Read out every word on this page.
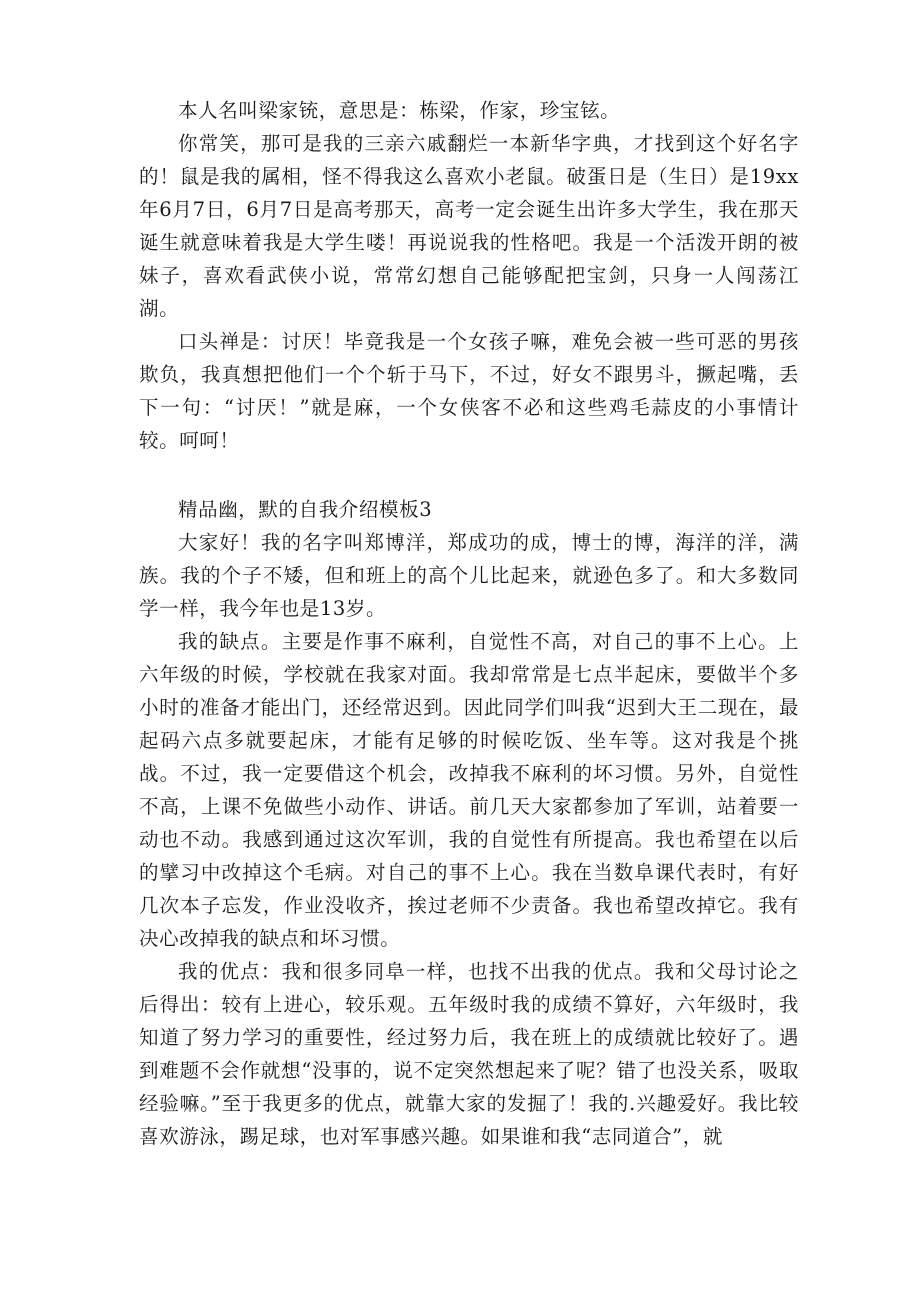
本人名叫梁家铳，意思是：栋梁，作家，珍宝铉。

你常笑，那可是我的三亲六戚翻烂一本新华字典，才找到这个好名字的！鼠是我的属相，怪不得我这么喜欢小老鼠。破蛋日是（生日）是19xx年6月7日，6月7日是高考那天，高考一定会诞生出许多大学生，我在那天诞生就意味着我是大学生喽！再说说我的性格吧。我是一个活泼开朗的被妹子，喜欢看武侠小说，常常幻想自己能够配把宝剑，只身一人闯荡江湖。

口头禅是：讨厌！毕竟我是一个女孩子嘛，难免会被一些可恶的男孩欺负，我真想把他们一个个斩于马下，不过，好女不跟男斗，撅起嘴，丢下一句：“讨厌！”就是麻，一个女侠客不必和这些鸡毛蒜皮的小事情计较。呵呵！

精品幽，默的自我介绍模板3

大家好！我的名字叫郑博洋，郑成功的成，博士的博，海洋的洋，满族。我的个子不矮，但和班上的高个儿比起来，就逊色多了。和大多数同学一样，我今年也是13岁。

我的缺点。主要是作事不麻利，自觉性不高，对自己的事不上心。上六年级的时候，学校就在我家对面。我却常常是七点半起床，要做半个多小时的准备才能出门，还经常迟到。因此同学们叫我“迟到大王二现在，最起码六点多就要起床，才能有足够的时候吃饭、坐车等。这对我是个挑战。不过，我一定要借这个机会，改掉我不麻利的坏习惯。另外，自觉性不高，上课不免做些小动作、讲话。前几天大家都参加了军训，站着要一动也不动。我感到通过这次军训，我的自觉性有所提高。我也希望在以后的擘习中改掉这个毛病。对自己的事不上心。我在当数阜课代表时，有好几次本子忘发，作业没收齐，挨过老师不少责备。我也希望改掉它。我有决心改掉我的缺点和坏习惯。

我的优点：我和很多同阜一样，也找不出我的优点。我和父母讨论之后得出：较有上进心，较乐观。五年级时我的成绩不算好，六年级时，我知道了努力学习的重要性，经过努力后，我在班上的成绩就比较好了。遇到难题不会作就想“没事的，说不定突然想起来了呢？错了也没关系，吸取经验嘛。”至于我更多的优点，就靠大家的发掘了！我的.兴趣爱好。我比较喜欢游泳，踢足球，也对军事感兴趣。如果谁和我“志同道合”，就
